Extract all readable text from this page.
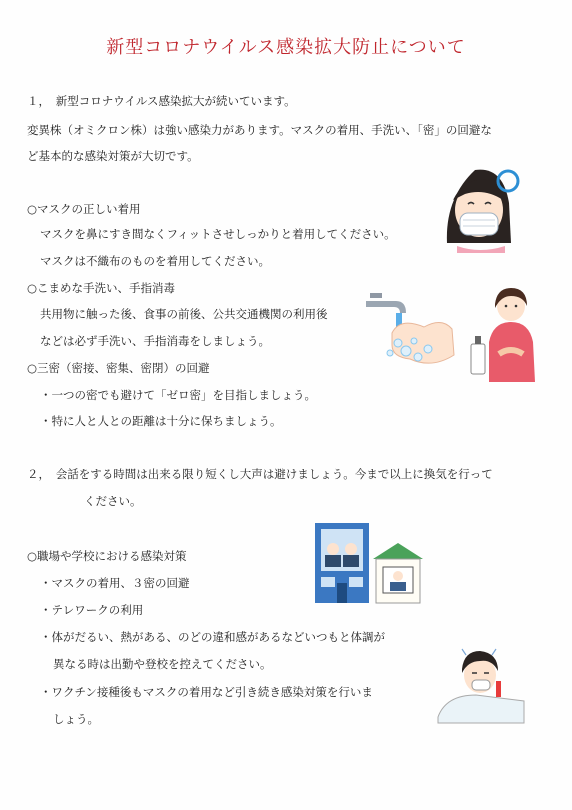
新型コロナウイルス感染拡大防止について
１，　新型コロナウイルス感染拡大が続いています。
変異株（オミクロン株）は強い感染力があります。マスクの着用、手洗い、「密」の回避な
ど基本的な感染対策が大切です。
○マスクの正しい着用
マスクを鼻にすき間なくフィットさせしっかりと着用してください。
マスクは不織布のものを着用してください。
○こまめな手洗い、手指消毒
共用物に触った後、食事の前後、公共交通機関の利用後
などは必ず手洗い、手指消毒をしましょう。
○三密（密接、密集、密閉）の回避
・一つの密でも避けて「ゼロ密」を目指しましょう。
・特に人と人との距離は十分に保ちましょう。
２，　会話をする時間は出来る限り短くし大声は避けましょう。今まで以上に換気を行って
ください。
○職場や学校における感染対策
・マスクの着用、３密の回避
・テレワークの利用
・体がだるい、熱がある、のどの違和感があるなどいつもと体調が
異なる時は出勤や登校を控えてください。
・ワクチン接種後もマスクの着用など引き続き感染対策を行いま
しょう。
